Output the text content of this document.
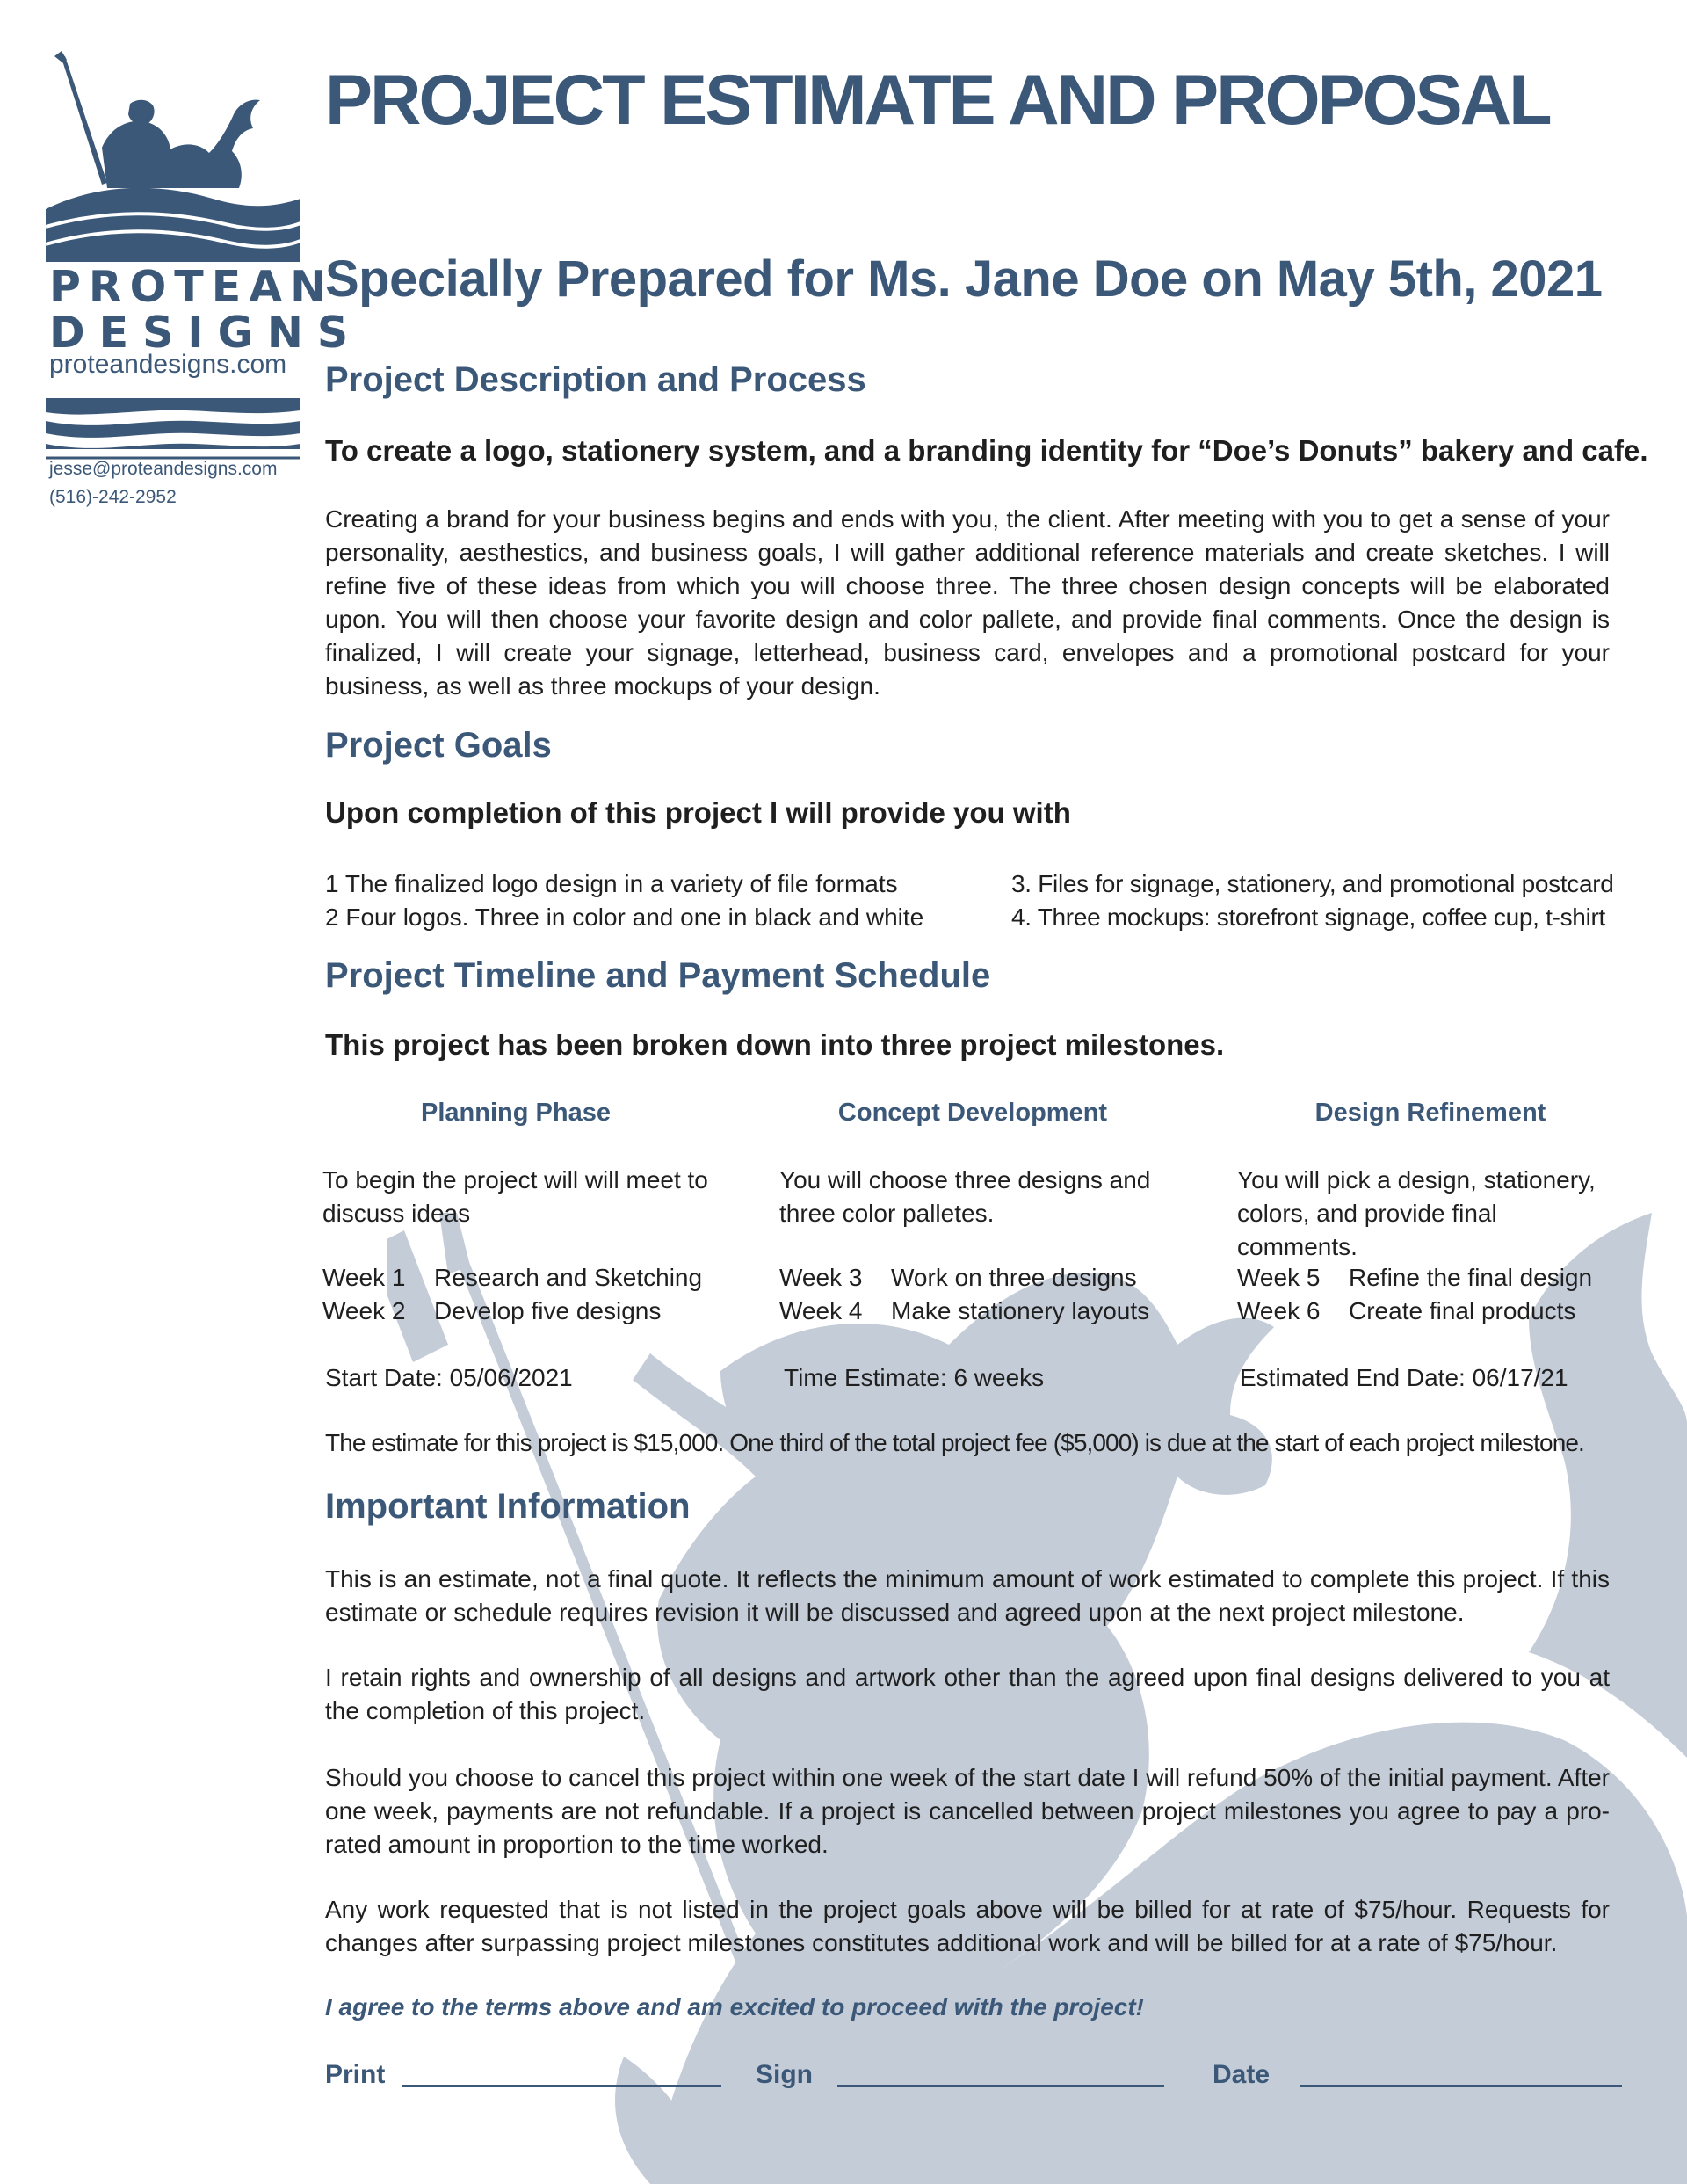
PROTEAN
DESIGNS
proteandesigns.com
jesse@proteandesigns.com
(516)-242-2952
PROJECT ESTIMATE AND PROPOSAL
Specially Prepared for Ms. Jane Doe on May 5th, 2021
Project Description and Process

To create a logo, stationery system, and a branding identity for “Doe’s Donuts” bakery and cafe.

Creating a brand for your business begins and ends with you, the client. After meeting with you to get a sense of your personality, aesthestics, and business goals, I will gather additional reference materials and create sketches. I will refine five of these ideas from which you will choose three. The three chosen design concepts will be elaborated upon. You will then choose your favorite design and color pallete, and provide final comments. Once the design is finalized, I will create your signage, letterhead, business card, envelopes and a promotional postcard for your business, as well as three mockups of your design.

Project Goals

Upon completion of this project I will provide you with

1 The finalized logo design in a variety of file formats

2 Four logos. Three in color and one in black and white

3. Files for signage, stationery, and promotional postcard

4. Three mockups: storefront signage, coffee cup, t-shirt

Project Timeline and Payment Schedule

This project has been broken down into three project milestones.

Planning Phase

To begin the project will will meet to discuss ideas
Week 1 Research and Sketching
Week 2 Develop five designs
Start Date: 05/06/2021

Concept Development

You will choose three designs and three color palletes.
Week 3 Work on three designs
Week 4 Make stationery layouts
Time Estimate: 6 weeks

Design Refinement

You will pick a design, stationery, colors, and provide final comments.
Week 5 Refine the final design
Week 6 Create final products
Estimated End Date: 06/17/21

The estimate for this project is $15,000. One third of the total project fee ($5,000) is due at the start of each project milestone.

Important Information

This is an estimate, not a final quote. It reflects the minimum amount of work estimated to complete this project. If this estimate or schedule requires revision it will be discussed and agreed upon at the next project milestone.

I retain rights and ownership of all designs and artwork other than the agreed upon final designs delivered to you at the completion of this project.

Should you choose to cancel this project within one week of the start date I will refund 50% of the initial payment. After one week, payments are not refundable. If a project is cancelled between project milestones you agree to pay a pro-rated amount in proportion to the time worked.

Any work requested that is not listed in the project goals above will be billed for at rate of $75/hour. Requests for changes after surpassing project milestones constitutes additional work and will be billed for at a rate of $75/hour.

I agree to the terms above and am excited to proceed with the project!

Print	Sign	Date
